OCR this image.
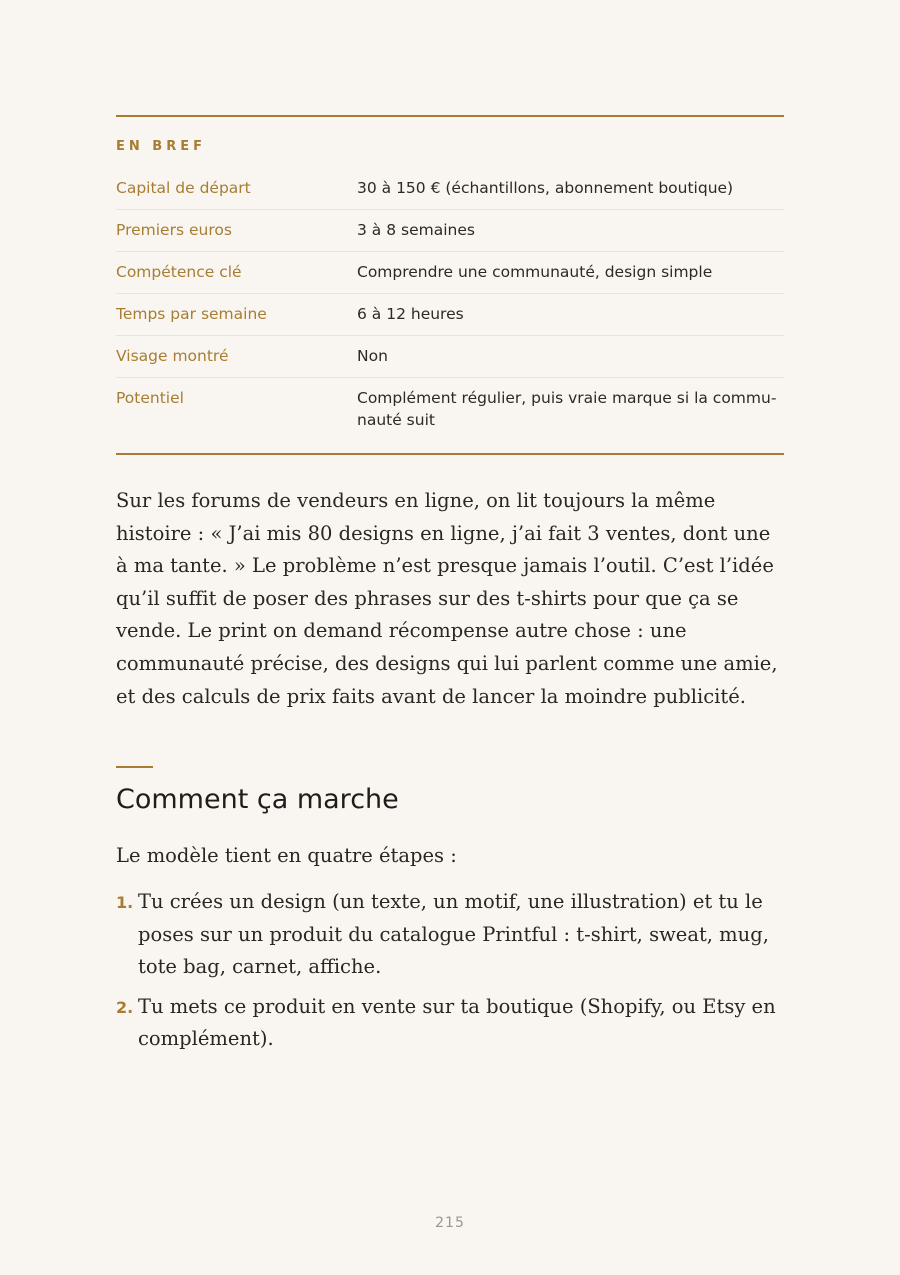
EN BREF
Capital de départ	30 à 150 € (échantillons, abonnement boutique)
Premiers euros	3 à 8 semaines
Compétence clé	Comprendre une communauté, design simple
Temps par semaine	6 à 12 heures
Visage montré	Non
Potentiel	Complément régulier, puis vraie marque si la communauté suit

Sur les forums de vendeurs en ligne, on lit toujours la même histoire : « J’ai mis 80 designs en ligne, j’ai fait 3 ventes, dont une à ma tante. » Le problème n’est presque jamais l’outil. C’est l’idée qu’il suffit de poser des phrases sur des t-shirts pour que ça se vende. Le print on demand récompense autre chose : une communauté précise, des designs qui lui parlent comme une amie, et des calculs de prix faits avant de lancer la moindre publicité.

Comment ça marche

Le modèle tient en quatre étapes :

1. Tu crées un design (un texte, un motif, une illustration) et tu le poses sur un produit du catalogue Printful : t-shirt, sweat, mug, tote bag, carnet, affiche.
2. Tu mets ce produit en vente sur ta boutique (Shopify, ou Etsy en complément).
215
